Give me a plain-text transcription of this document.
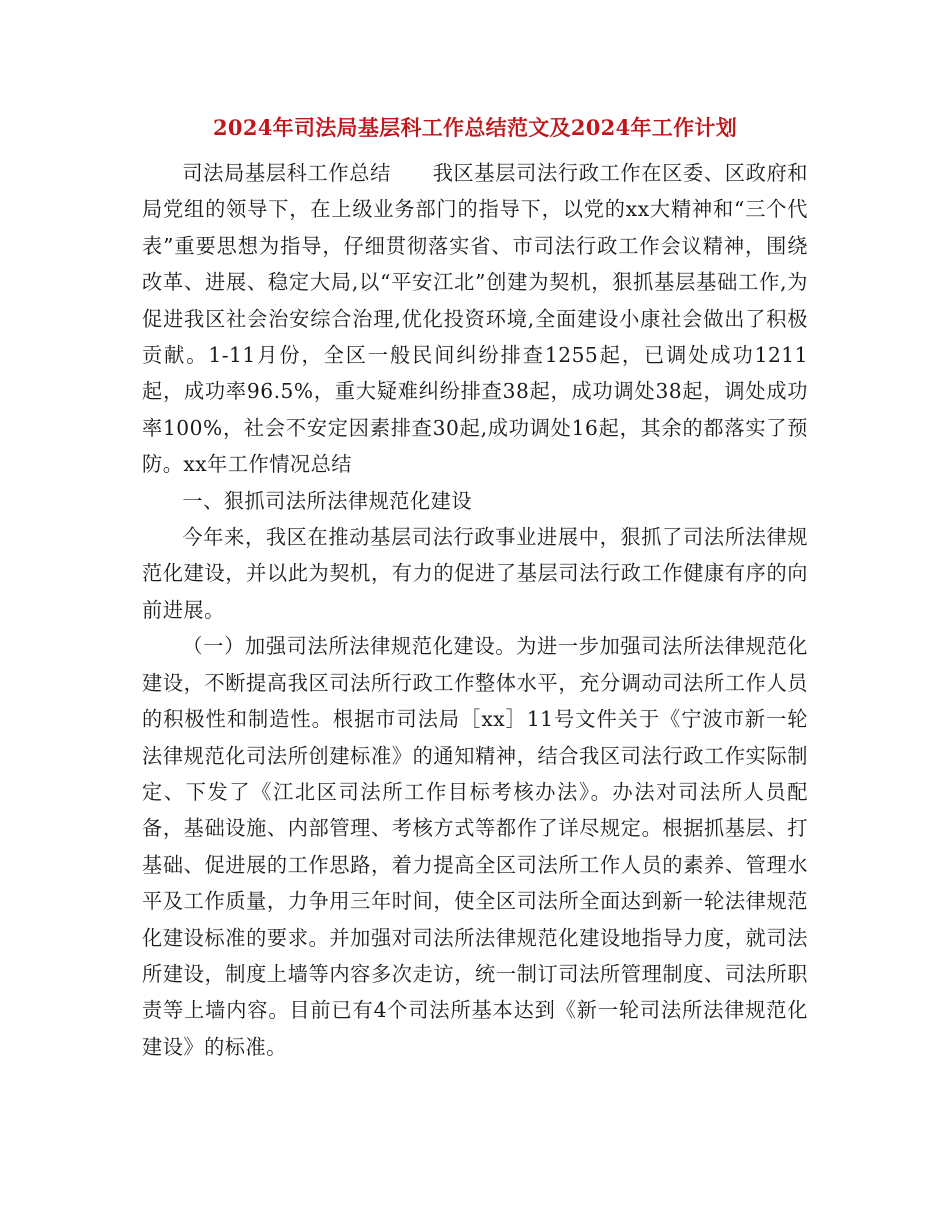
2024年司法局基层科工作总结范文及2024年工作计划

司法局基层科工作总结　　我区基层司法行政工作在区委、区政府和局党组的领导下，在上级业务部门的指导下，以党的xx大精神和“三个代表”重要思想为指导，仔细贯彻落实省、市司法行政工作会议精神，围绕改革、进展、稳定大局,以“平安江北”创建为契机，狠抓基层基础工作,为促进我区社会治安综合治理,优化投资环境,全面建设小康社会做出了积极贡献。1-11月份，全区一般民间纠纷排查1255起，已调处成功1211起，成功率96.5%，重大疑难纠纷排查38起，成功调处38起，调处成功率100%，社会不安定因素排查30起,成功调处16起，其余的都落实了预防。xx年工作情况总结

一、狠抓司法所法律规范化建设

今年来，我区在推动基层司法行政事业进展中，狠抓了司法所法律规范化建设，并以此为契机，有力的促进了基层司法行政工作健康有序的向前进展。

（一）加强司法所法律规范化建设。为进一步加强司法所法律规范化建设，不断提高我区司法所行政工作整体水平，充分调动司法所工作人员的积极性和制造性。根据市司法局［xx］11号文件关于《宁波市新一轮法律规范化司法所创建标准》的通知精神，结合我区司法行政工作实际制定、下发了《江北区司法所工作目标考核办法》。办法对司法所人员配备，基础设施、内部管理、考核方式等都作了详尽规定。根据抓基层、打基础、促进展的工作思路，着力提高全区司法所工作人员的素养、管理水平及工作质量，力争用三年时间，使全区司法所全面达到新一轮法律规范化建设标准的要求。并加强对司法所法律规范化建设地指导力度，就司法所建设，制度上墙等内容多次走访，统一制订司法所管理制度、司法所职责等上墙内容。目前已有4个司法所基本达到《新一轮司法所法律规范化建设》的标准。
